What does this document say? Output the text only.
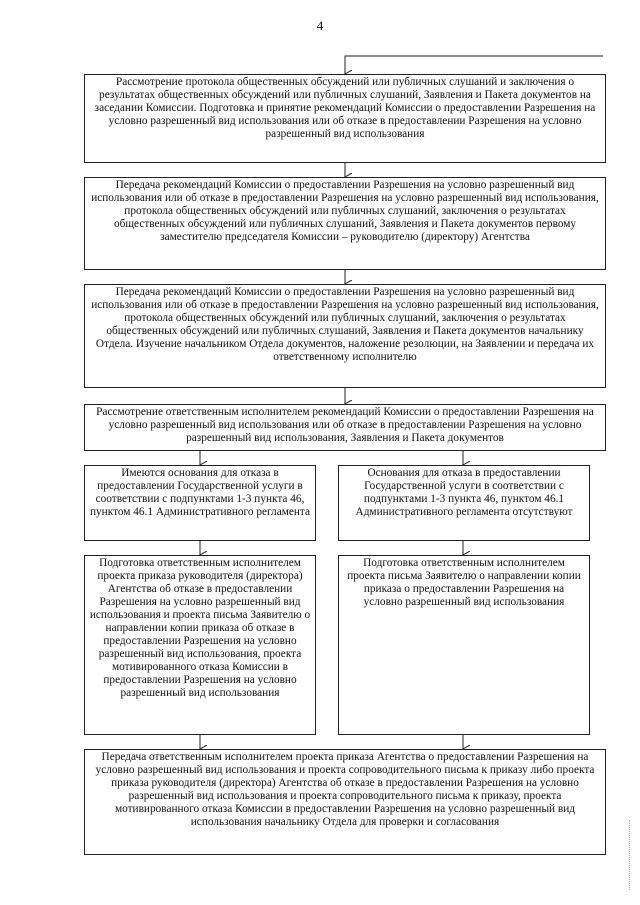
4
Рассмотрение протокола общественных обсуждений или публичных слушаний и заключения о результатах общественных обсуждений или публичных слушаний, Заявления и Пакета документов на заседании Комиссии. Подготовка и принятие рекомендаций Комиссии о предоставлении Разрешения на условно разрешенный вид использования или об отказе в предоставлении Разрешения на условно разрешенный вид использования
Передача рекомендаций Комиссии о предоставлении Разрешения на условно разрешенный вид использования или об отказе в предоставлении Разрешения на условно разрешенный вид использования, протокола общественных обсуждений или публичных слушаний, заключения о результатах общественных обсуждений или публичных слушаний, Заявления и Пакета документов первому заместителю председателя Комиссии – руководителю (директору) Агентства
Передача рекомендаций Комиссии о предоставлении Разрешения на условно разрешенный вид использования или об отказе в предоставлении Разрешения на условно разрешенный вид использования, протокола общественных обсуждений или публичных слушаний, заключения о результатах общественных обсуждений или публичных слушаний, Заявления и Пакета документов начальнику Отдела. Изучение начальником Отдела документов, наложение резолюции, на Заявлении и передача их ответственному исполнителю
Рассмотрение ответственным исполнителем рекомендаций Комиссии о предоставлении Разрешения на условно разрешенный вид использования или об отказе в предоставлении Разрешения на условно разрешенный вид использования, Заявления и Пакета документов
Имеются основания для отказа в предоставлении Государственной услуги в соответствии с подпунктами 1-3 пункта 46, пунктом 46.1 Административного регламента
Основания для отказа в предоставлении Государственной услуги в соответствии с подпунктами 1-3 пункта 46, пунктом 46.1 Административного регламента отсутствуют
Подготовка ответственным исполнителем проекта приказа руководителя (директора) Агентства об отказе в предоставлении Разрешения на условно разрешенный вид использования и проекта письма Заявителю о направлении копии приказа об отказе в предоставлении Разрешения на условно разрешенный вид использования, проекта мотивированного отказа Комиссии в предоставлении Разрешения на условно разрешенный вид использования
Подготовка ответственным исполнителем проекта письма Заявителю о направлении копии приказа о предоставлении Разрешения на условно разрешенный вид использования
Передача ответственным исполнителем проекта приказа Агентства о предоставлении Разрешения на условно разрешенный вид использования и проекта сопроводительного письма к приказу либо проекта приказа руководителя (директора) Агентства об отказе в предоставлении Разрешения на условно разрешенный вид использования и проекта сопроводительного письма к приказу, проекта мотивированного отказа Комиссии в предоставлении Разрешения на условно разрешенный вид использования начальнику Отдела для проверки и согласования
